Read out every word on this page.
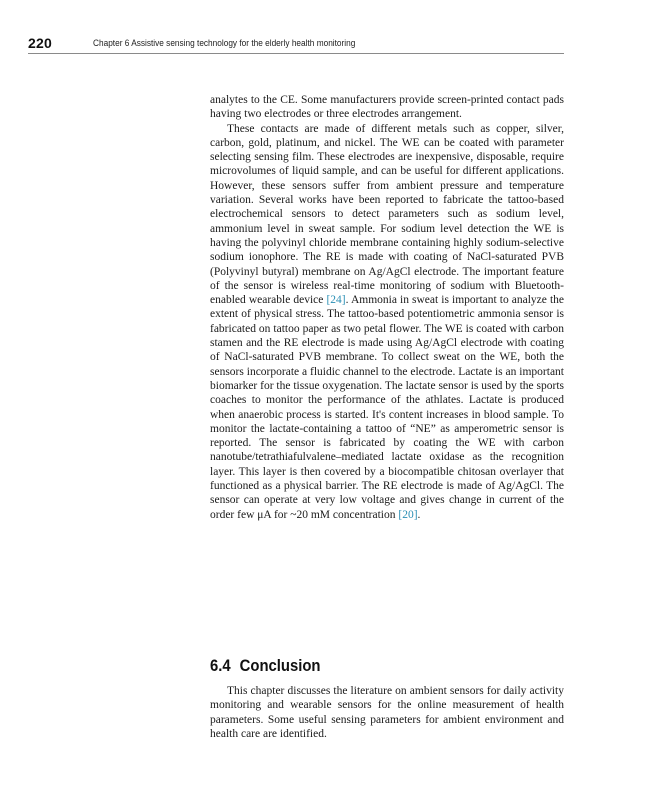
220	Chapter 6 Assistive sensing technology for the elderly health monitoring

analytes to the CE. Some manufacturers provide screen-printed contact pads having two electrodes or three electrodes arrangement.

These contacts are made of different metals such as copper, silver, carbon, gold, platinum, and nickel. The WE can be coated with parameter selecting sensing film. These electrodes are inexpensive, disposable, require microvolumes of liquid sample, and can be useful for different applications. However, these sensors suffer from ambient pressure and temperature variation. Several works have been reported to fabricate the tattoo-based electrochemical sensors to detect parameters such as sodium level, ammonium level in sweat sample. For sodium level detection the WE is having the polyvinyl chloride membrane containing highly sodium-selective sodium ionophore. The RE is made with coating of NaCl-saturated PVB (Polyvinyl butyral) membrane on Ag/AgCl electrode. The important feature of the sensor is wireless real-time monitoring of sodium with Bluetooth-enabled wearable device [24]. Ammonia in sweat is important to analyze the extent of physical stress. The tattoo-based potentiometric ammonia sensor is fabricated on tattoo paper as two petal flower. The WE is coated with carbon stamen and the RE electrode is made using Ag/AgCl electrode with coating of NaCl-saturated PVB membrane. To collect sweat on the WE, both the sensors incorporate a fluidic channel to the electrode. Lactate is an important biomarker for the tissue oxygenation. The lactate sensor is used by the sports coaches to monitor the performance of the athlates. Lactate is produced when anaerobic process is started. It's content increases in blood sample. To monitor the lactate-containing a tattoo of “NE” as amperometric sensor is reported. The sensor is fabricated by coating the WE with carbon nanotube/tetrathiafulvalene–mediated lactate oxidase as the recognition layer. This layer is then covered by a biocompatible chitosan overlayer that functioned as a physical barrier. The RE electrode is made of Ag/AgCl. The sensor can operate at very low voltage and gives change in current of the order few μA for ~20 mM concentration [20].

6.4 Conclusion

This chapter discusses the literature on ambient sensors for daily activity monitoring and wearable sensors for the online measurement of health parameters. Some useful sensing parameters for ambient environment and health care are identified.
